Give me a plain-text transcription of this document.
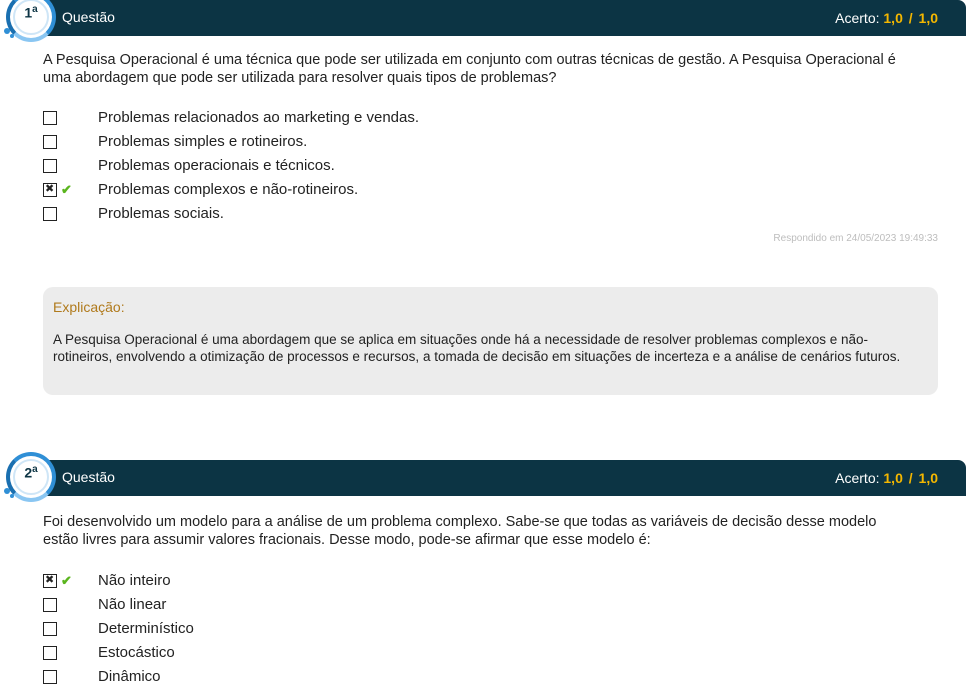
Questão	Acerto: 1,0 / 1,0
1$^a$
A Pesquisa Operacional é uma técnica que pode ser utilizada em conjunto com outras técnicas de gestão. A Pesquisa Operacional é uma abordagem que pode ser utilizada para resolver quais tipos de problemas?
Problemas relacionados ao marketing e vendas.
Problemas simples e rotineiros.
Problemas operacionais e técnicos.
✖
✔ Problemas complexos e não-rotineiros.
Problemas sociais.
Respondido em 24/05/2023 19:49:33
Explicação:
A Pesquisa Operacional é uma abordagem que se aplica em situações onde há a necessidade de resolver problemas complexos e não-rotineiros, envolvendo a otimização de processos e recursos, a tomada de decisão em situações de incerteza e a análise de cenários futuros.
Questão	Acerto: 1,0 / 1,0
2$^a$
Foi desenvolvido um modelo para a análise de um problema complexo. Sabe-se que todas as variáveis de decisão desse modelo estão livres para assumir valores fracionais. Desse modo, pode-se afirmar que esse modelo é:
✖
✔ Não inteiro
Não linear
Determinístico
Estocástico
Dinâmico
